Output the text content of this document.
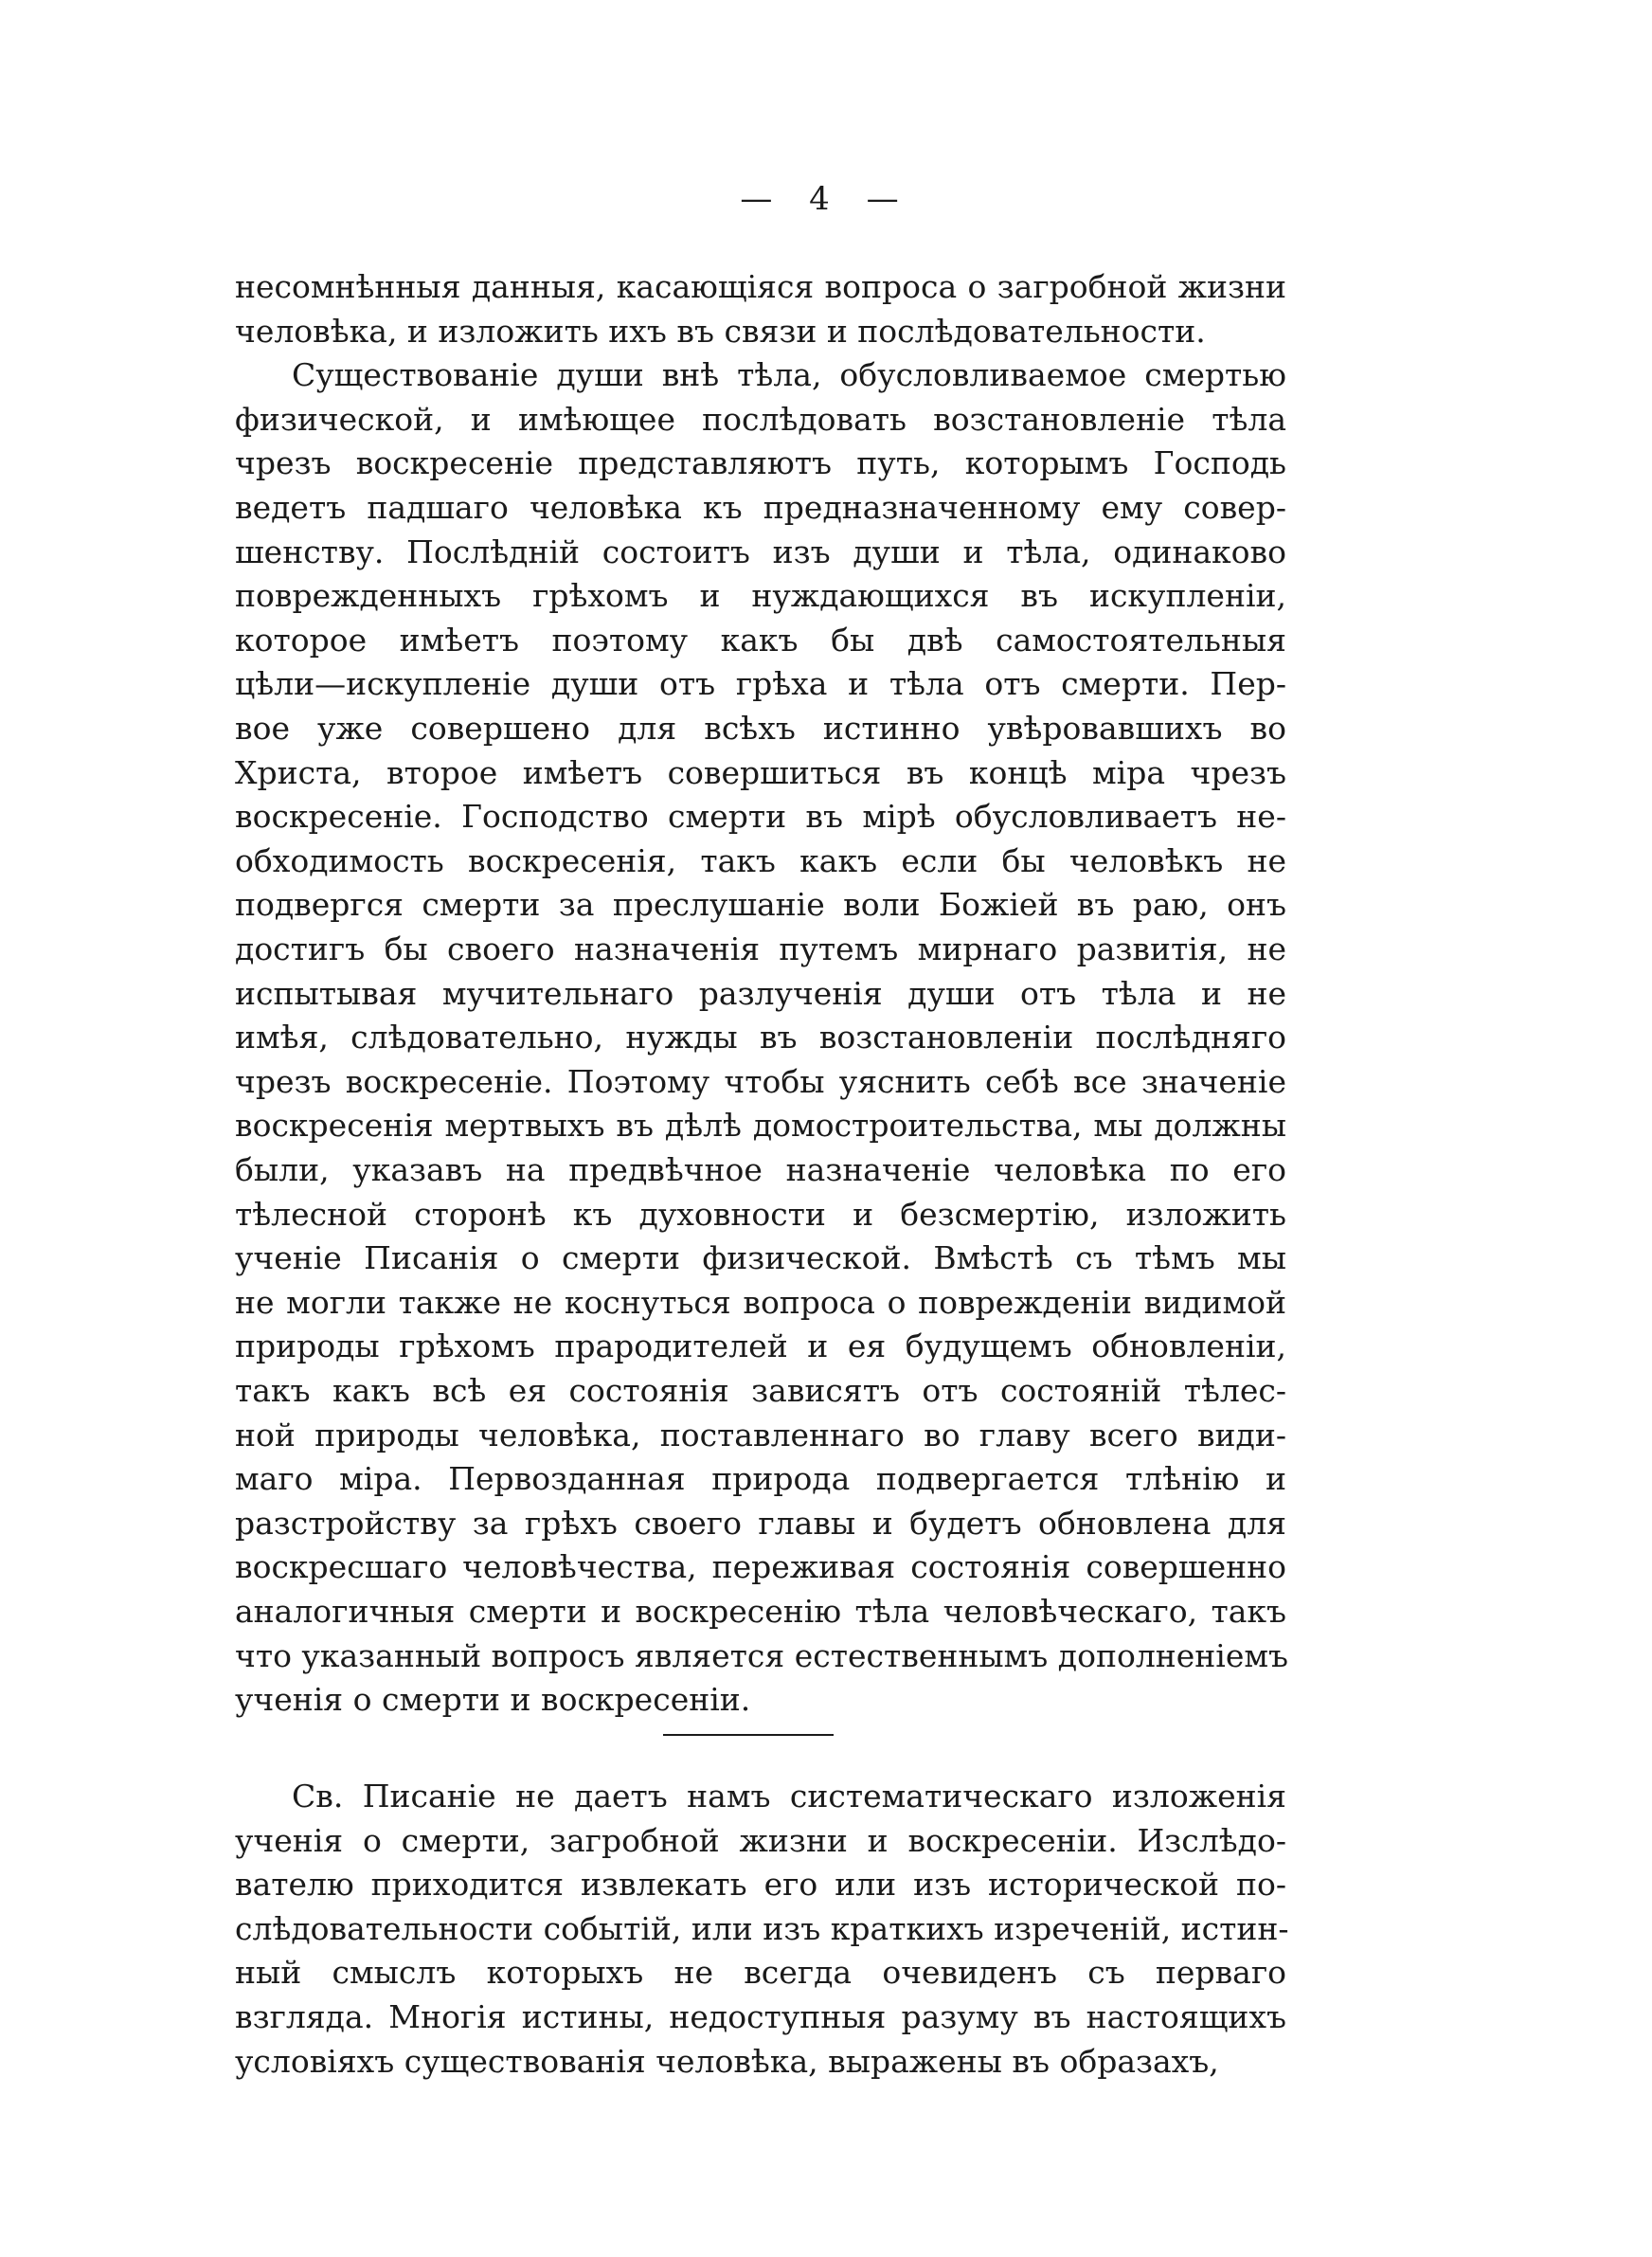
— 4 —
несомнѣнныя данныя, касающіяся вопроса о загробной жизни
человѣка, и изложить ихъ въ связи и послѣдовательности.
Существованіе души внѣ тѣла, обусловливаемое смертью
физической, и имѣющее послѣдовать возстановленіе тѣла
чрезъ воскресеніе представляютъ путь, которымъ Господь
ведетъ падшаго человѣка къ предназначенному ему совер-
шенству. Послѣдній состоитъ изъ души и тѣла, одинаково
поврежденныхъ грѣхомъ и нуждающихся въ искупленіи,
которое имѣетъ поэтому какъ бы двѣ самостоятельныя
цѣли—искупленіе души отъ грѣха и тѣла отъ смерти. Пер-
вое уже совершено для всѣхъ истинно увѣровавшихъ во
Христа, второе имѣетъ совершиться въ концѣ міра чрезъ
воскресеніе. Господство смерти въ мірѣ обусловливаетъ не-
обходимость воскресенія, такъ какъ если бы человѣкъ не
подвергся смерти за преслушаніе воли Божіей въ раю, онъ
достигъ бы своего назначенія путемъ мирнаго развитія, не
испытывая мучительнаго разлученія души отъ тѣла и не
имѣя, слѣдовательно, нужды въ возстановленіи послѣдняго
чрезъ воскресеніе. Поэтому чтобы уяснить себѣ все значеніе
воскресенія мертвыхъ въ дѣлѣ домостроительства, мы должны
были, указавъ на предвѣчное назначеніе человѣка по его
тѣлесной сторонѣ къ духовности и безсмертію, изложить
ученіе Писанія о смерти физической. Вмѣстѣ съ тѣмъ мы
не могли также не коснуться вопроса о поврежденіи видимой
природы грѣхомъ прародителей и ея будущемъ обновленіи,
такъ какъ всѣ ея состоянія зависятъ отъ состояній тѣлес-
ной природы человѣка, поставленнаго во главу всего види-
маго міра. Первозданная природа подвергается тлѣнію и
разстройству за грѣхъ своего главы и будетъ обновлена для
воскресшаго человѣчества, переживая состоянія совершенно
аналогичныя смерти и воскресенію тѣла человѣческаго, такъ
что указанный вопросъ является естественнымъ дополненіемъ
ученія о смерти и воскресеніи.
Св. Писаніе не даетъ намъ систематическаго изложенія
ученія о смерти, загробной жизни и воскресеніи. Изслѣдо-
вателю приходится извлекать его или изъ исторической по-
слѣдовательности событій, или изъ краткихъ изреченій, истин-
ный смыслъ которыхъ не всегда очевиденъ съ перваго
взгляда. Многія истины, недоступныя разуму въ настоящихъ
условіяхъ существованія человѣка, выражены въ образахъ,
